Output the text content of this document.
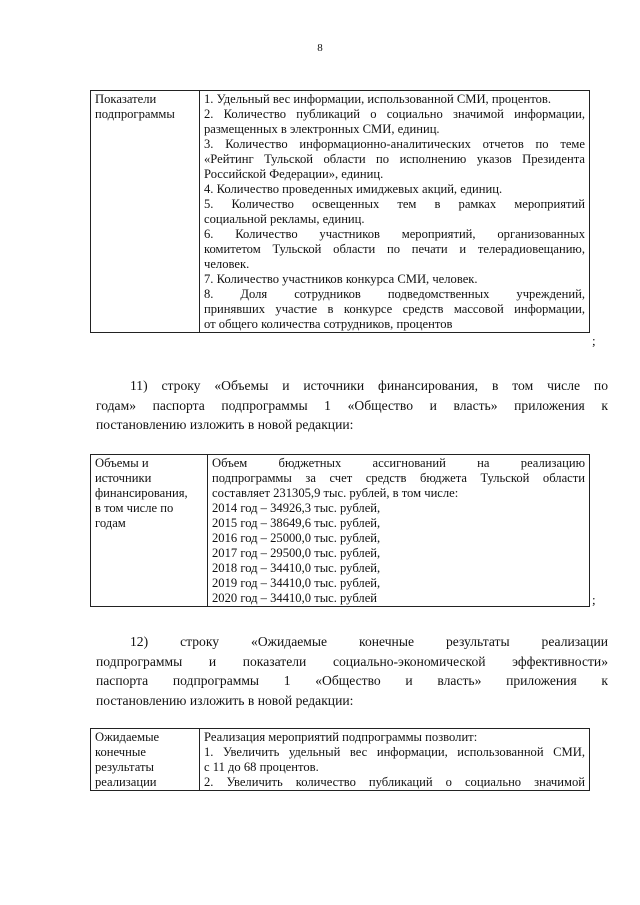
8
Показатели
подпрограммы

1. Удельный вес информации, использованной СМИ, процентов.
2. Количество публикаций о социально значимой информации,
размещенных в электронных СМИ, единиц.
3. Количество информационно-аналитических отчетов по теме
«Рейтинг Тульской области по исполнению указов Президента
Российской Федерации», единиц.
4. Количество проведенных имиджевых акций, единиц.
5. Количество освещенных тем в рамках мероприятий
социальной рекламы, единиц.
6. Количество участников мероприятий, организованных
комитетом Тульской области по печати и телерадиовещанию,
человек.
7. Количество участников конкурса СМИ, человек.
8. Доля сотрудников подведомственных учреждений,
принявших участие в конкурсе средств массовой информации,
от общего количества сотрудников, процентов
;
11) строку «Объемы и источники финансирования, в том числе по
годам» паспорта подпрограммы 1 «Общество и власть» приложения к
постановлению изложить в новой редакции:
Объемы и
источники
финансирования,
в том числе по
годам

Объем бюджетных ассигнований на реализацию
подпрограммы за счет средств бюджета Тульской области
составляет 231305,9 тыс. рублей, в том числе:
2014 год – 34926,3 тыс. рублей,
2015 год – 38649,6 тыс. рублей,
2016 год – 25000,0 тыс. рублей,
2017 год – 29500,0 тыс. рублей,
2018 год – 34410,0 тыс. рублей,
2019 год – 34410,0 тыс. рублей,
2020 год – 34410,0 тыс. рублей	;
12) строку «Ожидаемые конечные результаты реализации
подпрограммы и показатели социально-экономической эффективности»
паспорта подпрограммы 1 «Общество и власть» приложения к
постановлению изложить в новой редакции:
Ожидаемые
конечные
результаты
реализации

Реализация мероприятий подпрограммы позволит:
1. Увеличить удельный вес информации, использованной СМИ,
с 11 до 68 процентов.
2. Увеличить количество публикаций о социально значимой
